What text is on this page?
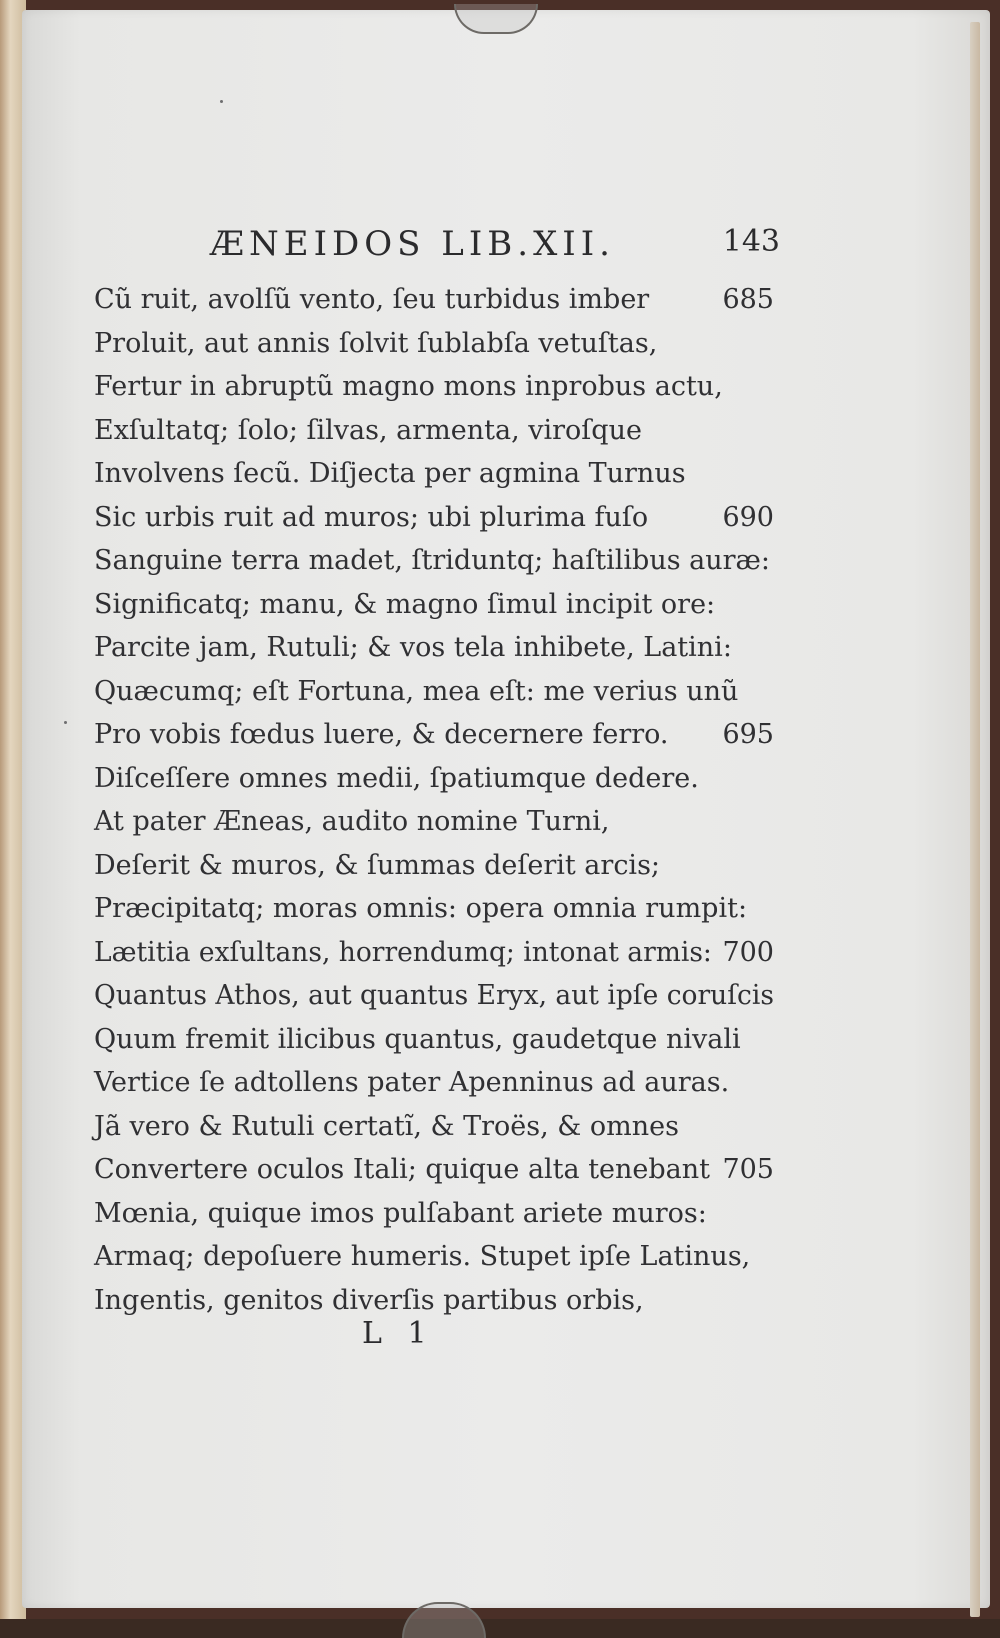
ÆNEIDOS LIB.XII.	143
Cũ ruit, avolſũ vento, ſeu turbidus imber	685
Proluit, aut annis ſolvit ſublabſa vetuſtas,
Fertur in abruptũ magno mons inprobus actu,
Exſultatq; ſolo; ſilvas, armenta, viroſque
Involvens ſecũ. Diſjecta per agmina Turnus
Sic urbis ruit ad muros; ubi plurima fuſo	690
Sanguine terra madet, ſtriduntq; haſtilibus auræ:
Significatq; manu, & magno ſimul incipit ore:
Parcite jam, Rutuli; & vos tela inhibete, Latini:
Quæcumq; eſt Fortuna, mea eſt: me verius unũ
Pro vobis fœdus luere, & decernere ferro. 695
Diſceſſere omnes medii, ſpatiumque dedere.
At pater Æneas, audito nomine Turni,
Deſerit & muros, & ſummas deſerit arcis;
Præcipitatq; moras omnis: opera omnia rumpit:
Lætitia exſultans, horrendumq; intonat armis: 700
Quantus Athos, aut quantus Eryx, aut ipſe coruſcis
Quum fremit ilicibus quantus, gaudetque nivali
Vertice ſe adtollens pater Apenninus ad auras.
Jã vero & Rutuli certatĩ, & Troës, & omnes
Convertere oculos Itali; quique alta tenebant 705
Mœnia, quique imos pulſabant ariete muros:
Armaq; depoſuere humeris. Stupet ipſe Latinus,
Ingentis, genitos diverſis partibus orbis,
L 1
